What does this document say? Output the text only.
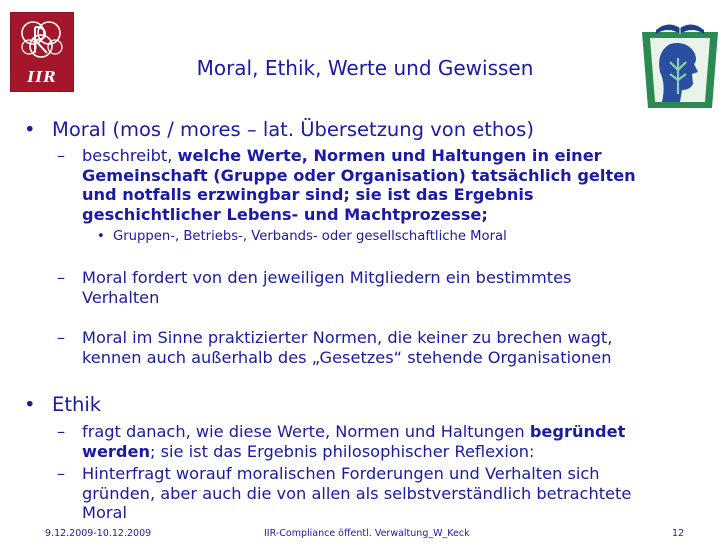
IIR	Moral, Ethik, Werte und Gewissen
• Moral (mos / mores – lat. Übersetzung von ethos)
– beschreibt, welche Werte, Normen und Haltungen in einer
Gemeinschaft (Gruppe oder Organisation) tatsächlich gelten
und notfalls erzwingbar sind; sie ist das Ergebnis
geschichtlicher Lebens- und Machtprozesse;
• Gruppen-, Betriebs-, Verbands- oder gesellschaftliche Moral
– Moral fordert von den jeweiligen Mitgliedern ein bestimmtes
Verhalten
– Moral im Sinne praktizierter Normen, die keiner zu brechen wagt,
kennen auch außerhalb des „Gesetzes“ stehende Organisationen
• Ethik
– fragt danach, wie diese Werte, Normen und Haltungen begründet
werden; sie ist das Ergebnis philosophischer Reflexion:
– Hinterfragt worauf moralischen Forderungen und Verhalten sich
gründen, aber auch die von allen als selbstverständlich betrachtete
Moral
9.12.2009-10.12.2009	IIR-Compliance öffentl. Verwaltung_W_Keck	12
